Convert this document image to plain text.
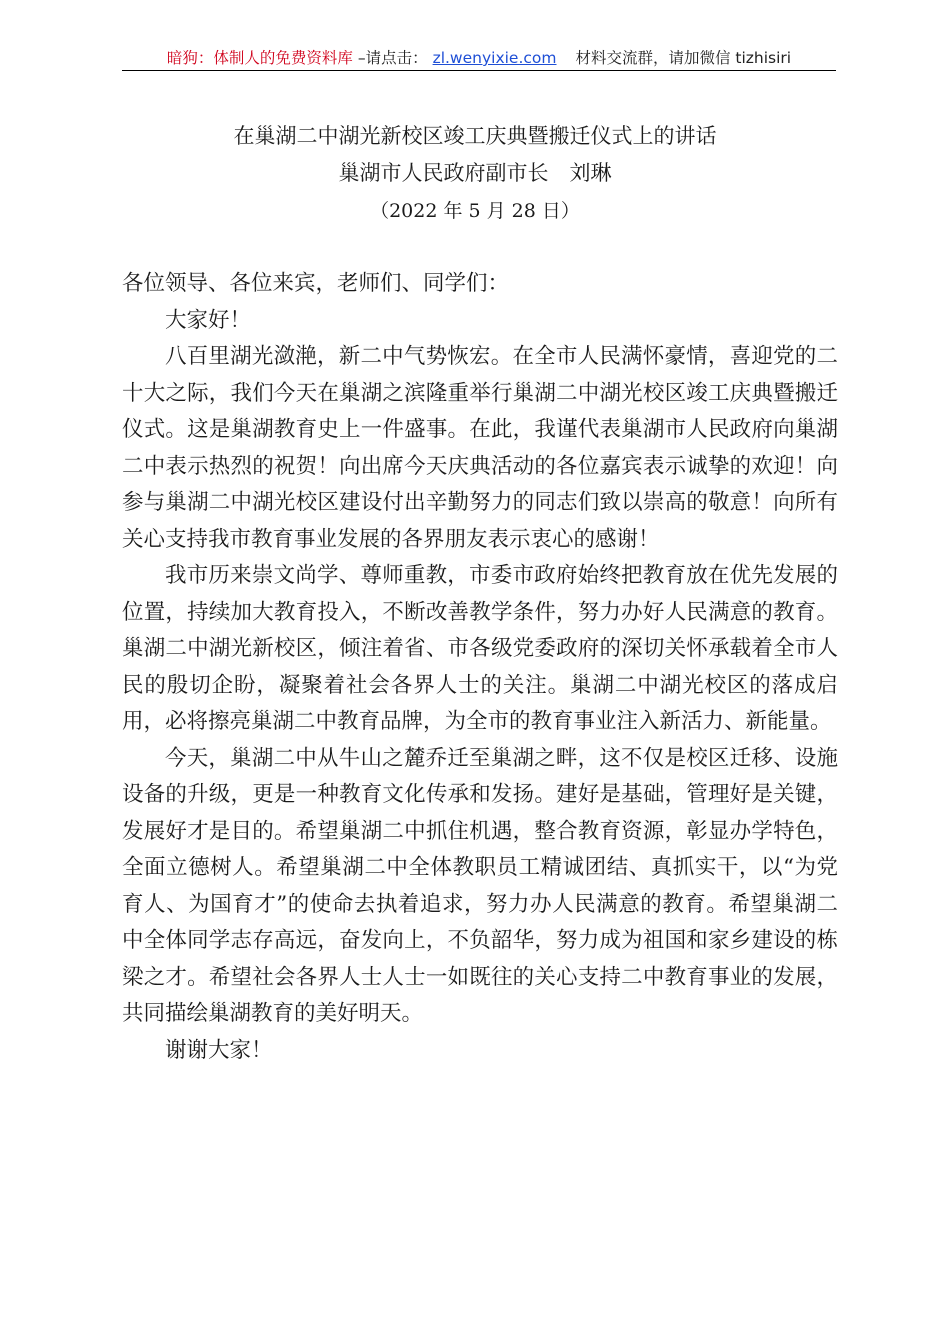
暗狗：体制人的免费资料库 –请点击： zl.wenyixie.com 材料交流群，请加微信 tizhisiri
在巢湖二中湖光新校区竣工庆典暨搬迁仪式上的讲话
巢湖市人民政府副市长　刘琳
（2022 年 5 月 28 日）

各位领导、各位来宾，老师们、同学们：

大家好！

八百里湖光潋滟，新二中气势恢宏。在全市人民满怀豪情，喜迎党的二十大之际，我们今天在巢湖之滨隆重举行巢湖二中湖光校区竣工庆典暨搬迁仪式。这是巢湖教育史上一件盛事。在此，我谨代表巢湖市人民政府向巢湖二中表示热烈的祝贺！向出席今天庆典活动的各位嘉宾表示诚挚的欢迎！向参与巢湖二中湖光校区建设付出辛勤努力的同志们致以崇高的敬意！向所有关心支持我市教育事业发展的各界朋友表示衷心的感谢！

我市历来崇文尚学、尊师重教，市委市政府始终把教育放在优先发展的位置，持续加大教育投入，不断改善教学条件，努力办好人民满意的教育。巢湖二中湖光新校区，倾注着省、市各级党委政府的深切关怀承载着全市人民的殷切企盼，凝聚着社会各界人士的关注。巢湖二中湖光校区的落成启用，必将擦亮巢湖二中教育品牌，为全市的教育事业注入新活力、新能量。

今天，巢湖二中从牛山之麓乔迁至巢湖之畔，这不仅是校区迁移、设施设备的升级，更是一种教育文化传承和发扬。建好是基础，管理好是关键，发展好才是目的。希望巢湖二中抓住机遇，整合教育资源，彰显办学特色，全面立德树人。希望巢湖二中全体教职员工精诚团结、真抓实干，以“为党育人、为国育才”的使命去执着追求，努力办人民满意的教育。希望巢湖二中全体同学志存高远，奋发向上，不负韶华，努力成为祖国和家乡建设的栋梁之才。希望社会各界人士人士一如既往的关心支持二中教育事业的发展，共同描绘巢湖教育的美好明天。

谢谢大家！
